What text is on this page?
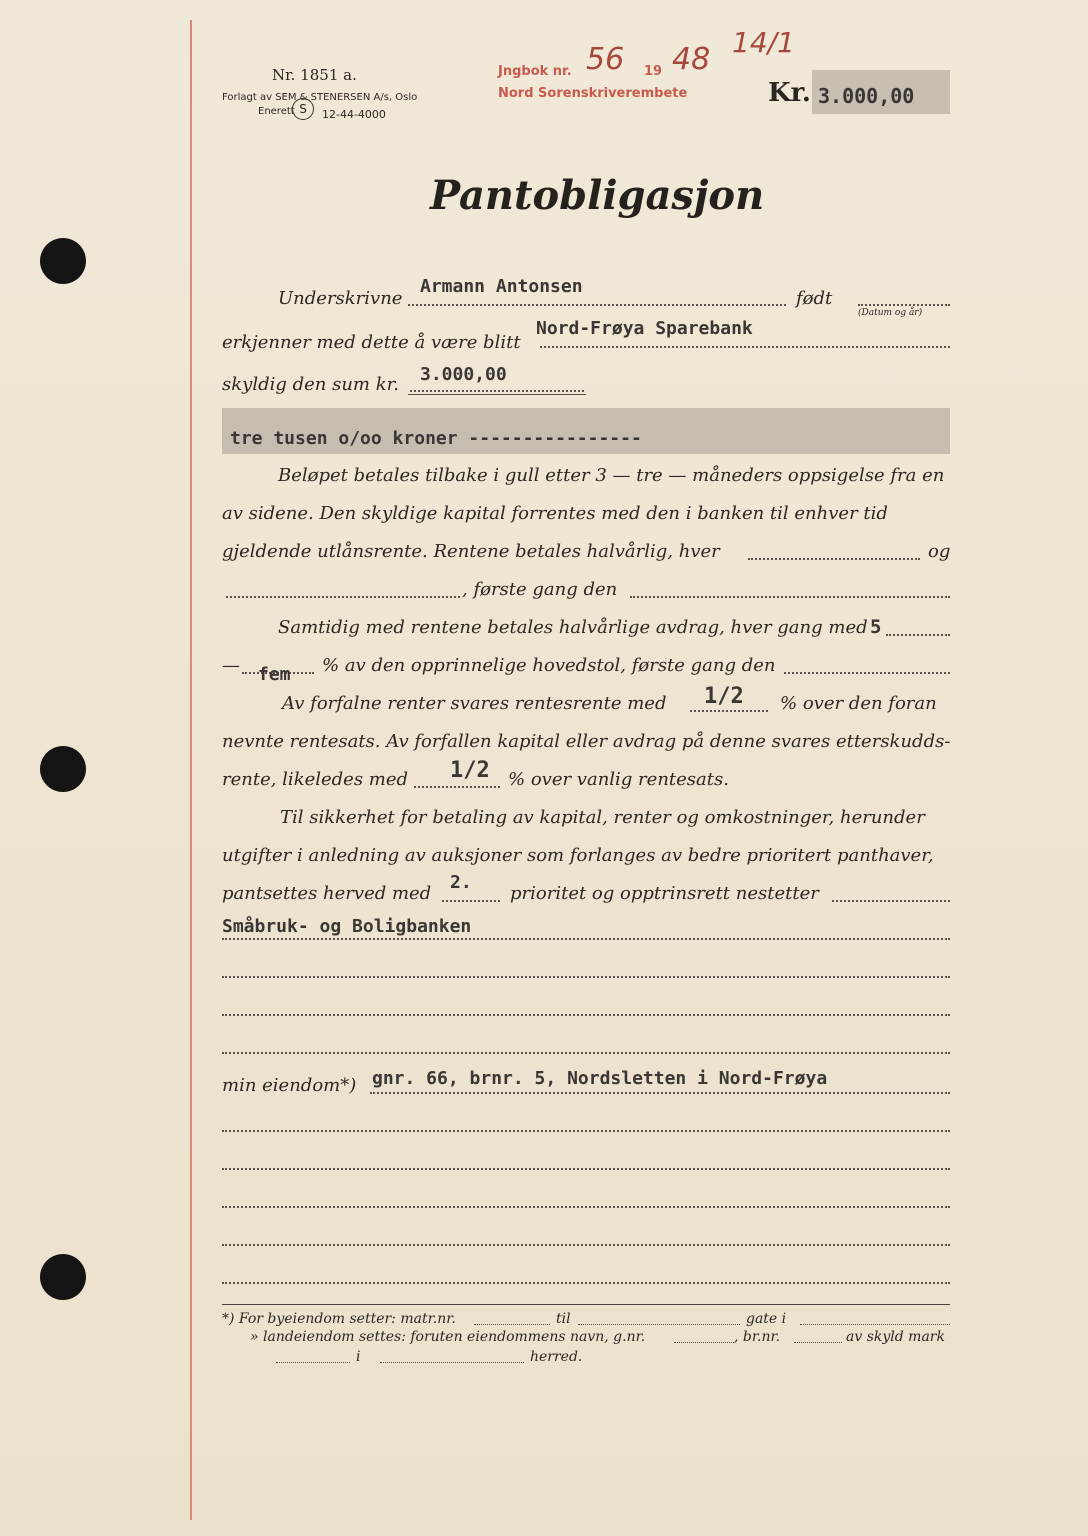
Nr. 1851 a.
Forlagt av SEM & STENERSEN A/s, Oslo
Enerett S	12-44-4000
Jngbok nr. 56 19 48 14/1
Nord Sorenskriverembete	Kr. 3.000,00
Pantobligasjon
Underskrivne
Armann Antonsen
født
(Datum og år)
erkjenner med dette å være blitt
Nord-Frøya Sparebank
skyldig den sum kr. 3.000,00
tre tusen o/oo kroner ----------------
Beløpet betales tilbake i gull etter 3 — tre — måneders oppsigelse fra en
av sidene. Den skyldige kapital forrentes med den i banken til enhver tid
gjeldende utlånsrente. Rentene betales halvårlig, hver	og
, første gang den
Samtidig med rentene betales halvårlige avdrag, hver gang med 5
— fem % av den opprinnelige hovedstol, første gang den
Av forfalne renter svares rentesrente med 1/2 % over den foran
nevnte rentesats. Av forfallen kapital eller avdrag på denne svares etterskudds-
rente, likeledes med 1/2 % over vanlig rentesats.
Til sikkerhet for betaling av kapital, renter og omkostninger, herunder
utgifter i anledning av auksjoner som forlanges av bedre prioritert panthaver,
pantsettes herved med
2.
prioritet og opptrinsrett nestetter
Småbruk- og Boligbanken
min eiendom*) gnr. 66, brnr. 5, Nordsletten i Nord-Frøya
*) For byeiendom setter: matr.nr.	til	gate i
» landeiendom settes: foruten eiendommens navn, g.nr.	, br.nr.	av skyld mark
i	herred.
